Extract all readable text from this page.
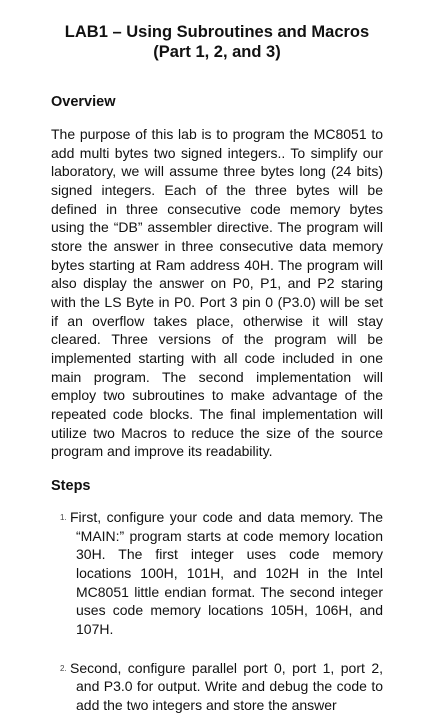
LAB1 – Using Subroutines and Macros
(Part 1, 2, and 3)
Overview

The purpose of this lab is to program the MC8051 to add multi bytes two signed integers.. To simplify our laboratory, we will assume three bytes long (24 bits) signed integers. Each of the three bytes will be defined in three consecutive code memory bytes using the “DB” assembler directive. The program will store the answer in three consecutive data memory bytes starting at Ram address 40H. The program will also display the answer on P0, P1, and P2 staring with the LS Byte in P0. Port 3 pin 0 (P3.0) will be set if an overflow takes place, otherwise it will stay cleared. Three versions of the program will be implemented starting with all code included in one main program. The second implementation will employ two subroutines to make advantage of the repeated code blocks. The final implementation will utilize two Macros to reduce the size of the source program and improve its readability.

Steps
1. First, configure your code and data memory. The “MAIN:” program starts at code memory location 30H. The first integer uses code memory locations 100H, 101H, and 102H in the Intel MC8051 little endian format. The second integer uses code memory locations 105H, 106H, and 107H.
2. Second, configure parallel port 0, port 1, port 2, and P3.0 for output. Write and debug the code to add the two integers and store the answer
